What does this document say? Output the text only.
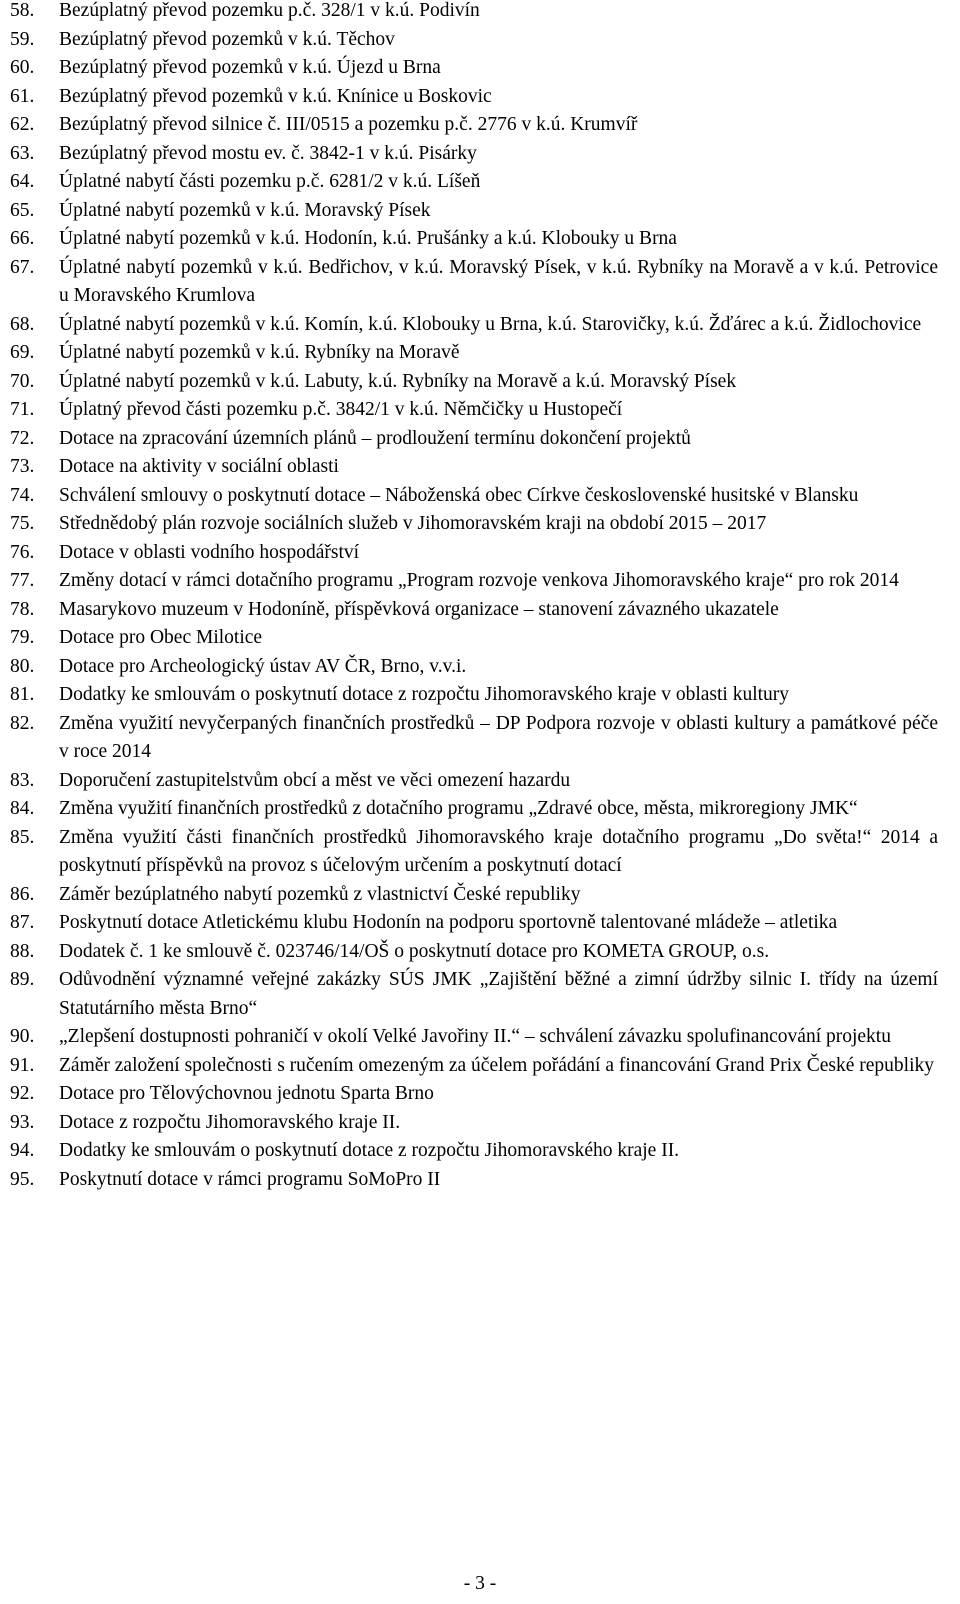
58.	Bezúplatný převod pozemku p.č. 328/1 v k.ú. Podivín
59.	Bezúplatný převod pozemků v k.ú. Těchov
60.	Bezúplatný převod pozemků v k.ú. Újezd u Brna
61.	Bezúplatný převod pozemků v k.ú. Knínice u Boskovic
62.	Bezúplatný převod silnice č. III/0515 a pozemku p.č. 2776 v k.ú. Krumvíř
63.	Bezúplatný převod mostu ev. č. 3842-1 v k.ú. Pisárky
64.	Úplatné nabytí části pozemku p.č. 6281/2 v k.ú. Líšeň
65.	Úplatné nabytí pozemků v k.ú. Moravský Písek
66.	Úplatné nabytí pozemků v k.ú. Hodonín, k.ú. Prušánky a k.ú. Klobouky u Brna
67.	Úplatné nabytí pozemků v k.ú. Bedřichov, v k.ú. Moravský Písek, v k.ú. Rybníky na Moravě a v k.ú. Petrovice u Moravského Krumlova
68.	Úplatné nabytí pozemků v k.ú. Komín, k.ú. Klobouky u Brna, k.ú. Starovičky, k.ú. Žďárec a k.ú. Židlochovice
69.	Úplatné nabytí pozemků v k.ú. Rybníky na Moravě
70.	Úplatné nabytí pozemků v k.ú. Labuty, k.ú. Rybníky na Moravě a k.ú. Moravský Písek
71.	Úplatný převod části pozemku p.č. 3842/1 v k.ú. Němčičky u Hustopečí
72.	Dotace na zpracování územních plánů – prodloužení termínu dokončení projektů
73.	Dotace na aktivity v sociální oblasti
74.	Schválení smlouvy o poskytnutí dotace – Náboženská obec Církve československé husitské v Blansku
75.	Střednědobý plán rozvoje sociálních služeb v Jihomoravském kraji na období 2015 – 2017
76.	Dotace v oblasti vodního hospodářství
77.	Změny dotací v rámci dotačního programu „Program rozvoje venkova Jihomoravského kraje“ pro rok 2014
78.	Masarykovo muzeum v Hodoníně, příspěvková organizace – stanovení závazného ukazatele
79.	Dotace pro Obec Milotice
80.	Dotace pro Archeologický ústav AV ČR, Brno, v.v.i.
81.	Dodatky ke smlouvám o poskytnutí dotace z rozpočtu Jihomoravského kraje v oblasti kultury
82.	Změna využití nevyčerpaných finančních prostředků – DP Podpora rozvoje v oblasti kultury a památkové péče v roce 2014
83.	Doporučení zastupitelstvům obcí a měst ve věci omezení hazardu
84.	Změna využití finančních prostředků z dotačního programu „Zdravé obce, města, mikroregiony JMK“
85.	Změna využití části finančních prostředků Jihomoravského kraje dotačního programu „Do světa!“ 2014 a poskytnutí příspěvků na provoz s účelovým určením a poskytnutí dotací
86.	Záměr bezúplatného nabytí pozemků z vlastnictví České republiky
87.	Poskytnutí dotace Atletickému klubu Hodonín na podporu sportovně talentované mládeže – atletika
88.	Dodatek č. 1 ke smlouvě č. 023746/14/OŠ o poskytnutí dotace pro KOMETA GROUP, o.s.
89.	Odůvodnění významné veřejné zakázky SÚS JMK „Zajištění běžné a zimní údržby silnic I. třídy na území Statutárního města Brno“
90.	„Zlepšení dostupnosti pohraničí v okolí Velké Javořiny II.“ – schválení závazku spolufinancování projektu
91.	Záměr založení společnosti s ručením omezeným za účelem pořádání a financování Grand Prix České republiky
92.	Dotace pro Tělovýchovnou jednotu Sparta Brno
93.	Dotace z rozpočtu Jihomoravského kraje II.
94.	Dodatky ke smlouvám o poskytnutí dotace z rozpočtu Jihomoravského kraje II.
95.	Poskytnutí dotace v rámci programu SoMoPro II
- 3 -
